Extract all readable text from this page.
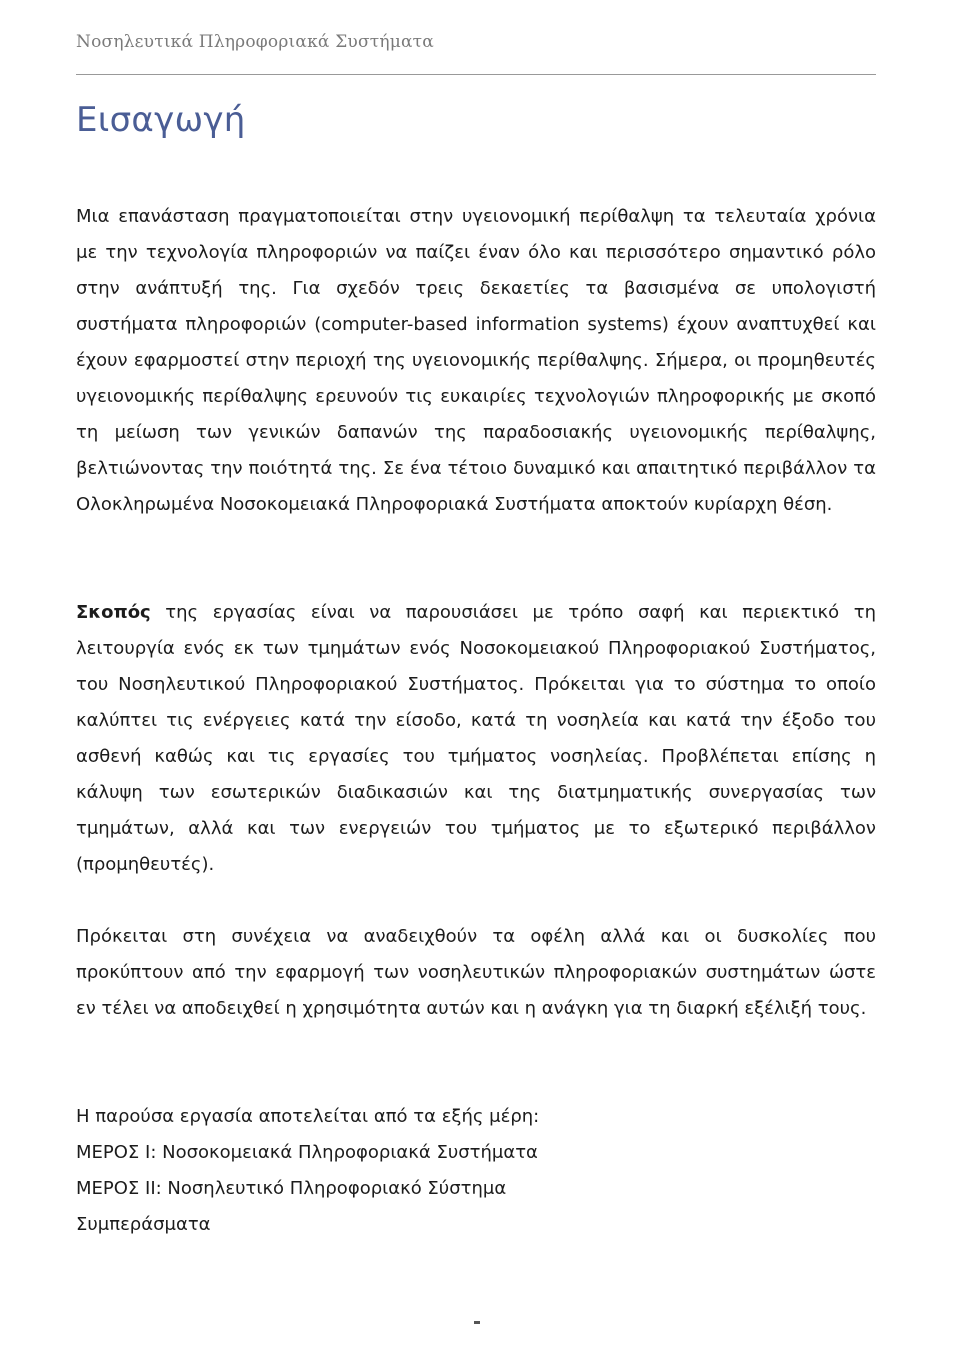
Νοσηλευτικά Πληροφοριακά Συστήματα
Εισαγωγή

Μια επανάσταση πραγματοποιείται στην υγειονομική περίθαλψη τα τελευταία χρόνια με την τεχνολογία πληροφοριών να παίζει έναν όλο και περισσότερο σημαντικό ρόλο στην ανάπτυξή της. Για σχεδόν τρεις δεκαετίες τα βασισμένα σε υπολογιστή συστήματα πληροφοριών (computer-based information systems) έχουν αναπτυχθεί και έχουν εφαρμοστεί στην περιοχή της υγειονομικής περίθαλψης. Σήμερα, οι προμηθευτές υγειονομικής περίθαλψης ερευνούν τις ευκαιρίες τεχνολογιών πληροφορικής με σκοπό τη μείωση των γενικών δαπανών της παραδοσιακής υγειονομικής περίθαλψης, βελτιώνοντας την ποιότητά της. Σε ένα τέτοιο δυναμικό και απαιτητικό περιβάλλον τα Ολοκληρωμένα Νοσοκομειακά Πληροφοριακά Συστήματα αποκτούν κυρίαρχη θέση.

Σκοπός της εργασίας είναι να παρουσιάσει με τρόπο σαφή και περιεκτικό τη λειτουργία ενός εκ των τμημάτων ενός Νοσοκομειακού Πληροφοριακού Συστήματος, του Νοσηλευτικού Πληροφοριακού Συστήματος. Πρόκειται για το σύστημα το οποίο καλύπτει τις ενέργειες κατά την είσοδο, κατά τη νοσηλεία και κατά την έξοδο του ασθενή καθώς και τις εργασίες του τμήματος νοσηλείας. Προβλέπεται επίσης η κάλυψη των εσωτερικών διαδικασιών και της διατμηματικής συνεργασίας των τμημάτων, αλλά και των ενεργειών του τμήματος με το εξωτερικό περιβάλλον (προμηθευτές).

Πρόκειται στη συνέχεια να αναδειχθούν τα οφέλη αλλά και οι δυσκολίες που προκύπτουν από την εφαρμογή των νοσηλευτικών πληροφοριακών συστημάτων ώστε εν τέλει να αποδειχθεί η χρησιμότητα αυτών και η ανάγκη για τη διαρκή εξέλιξή τους.

Η παρούσα εργασία αποτελείται από τα εξής μέρη:
ΜΕΡΟΣ Ι: Νοσοκομειακά Πληροφοριακά Συστήματα
ΜΕΡΟΣ ΙΙ: Νοσηλευτικό Πληροφοριακό Σύστημα
Συμπεράσματα
